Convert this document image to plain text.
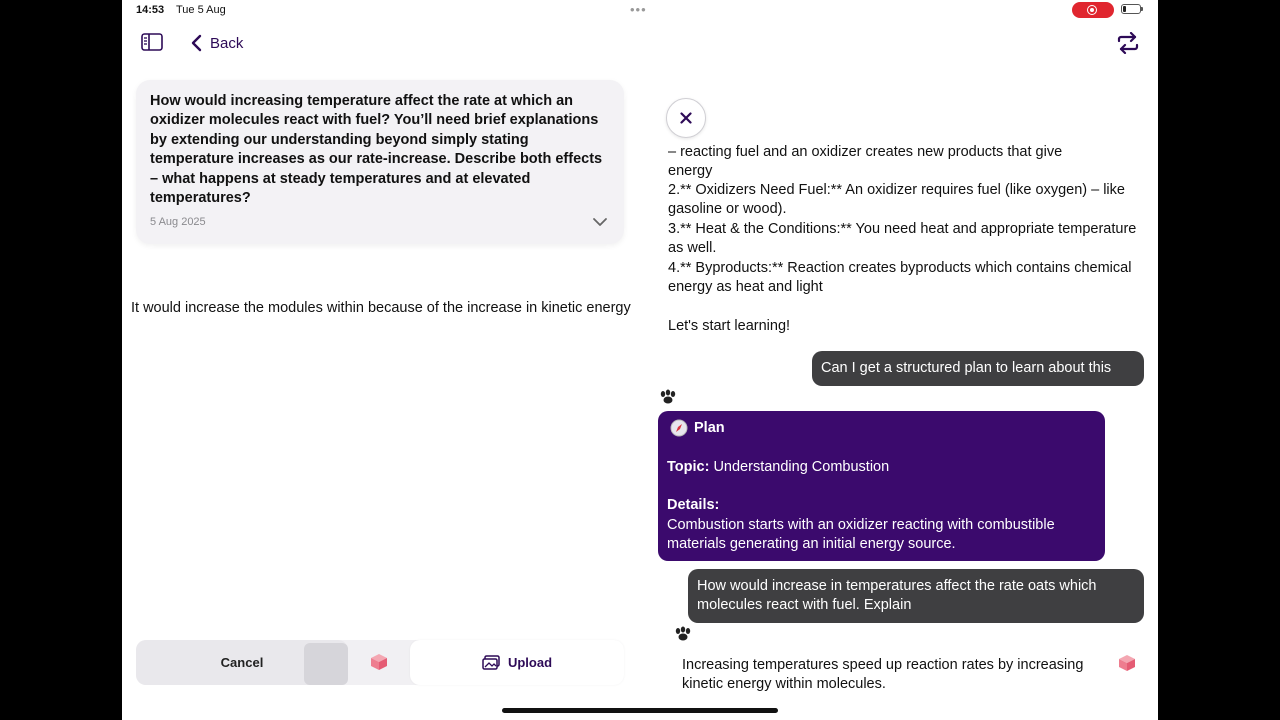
14:53 Tue 5 Aug	•••
Back

How would increasing temperature affect the rate at which an oxidizer molecules react with fuel? You’ll need brief explanations by extending our understanding beyond simply stating temperature increases as our rate-increase. Describe both effects – what happens at steady temperatures and at elevated temperatures?

5 Aug 2025

It would increase the modules within because of the increase in kinetic energy

Cancel	Upload

– reacting fuel and an oxidizer creates new products that give

energy

2.** Oxidizers Need Fuel:** An oxidizer requires fuel (like oxygen) – like gasoline or wood).

3.** Heat & the Conditions:** You need heat and appropriate temperature as well.

4.** Byproducts:** Reaction creates byproducts which contains chemical energy as heat and light

Let's start learning!

Can I get a structured plan to learn about this
Plan
Topic: Understanding Combustion
Details:

Combustion starts with an oxidizer reacting with combustible materials generating an initial energy source.

How would increase in temperatures affect the rate oats which molecules react with fuel. Explain

Increasing temperatures speed up reaction rates by increasing kinetic energy within molecules.
